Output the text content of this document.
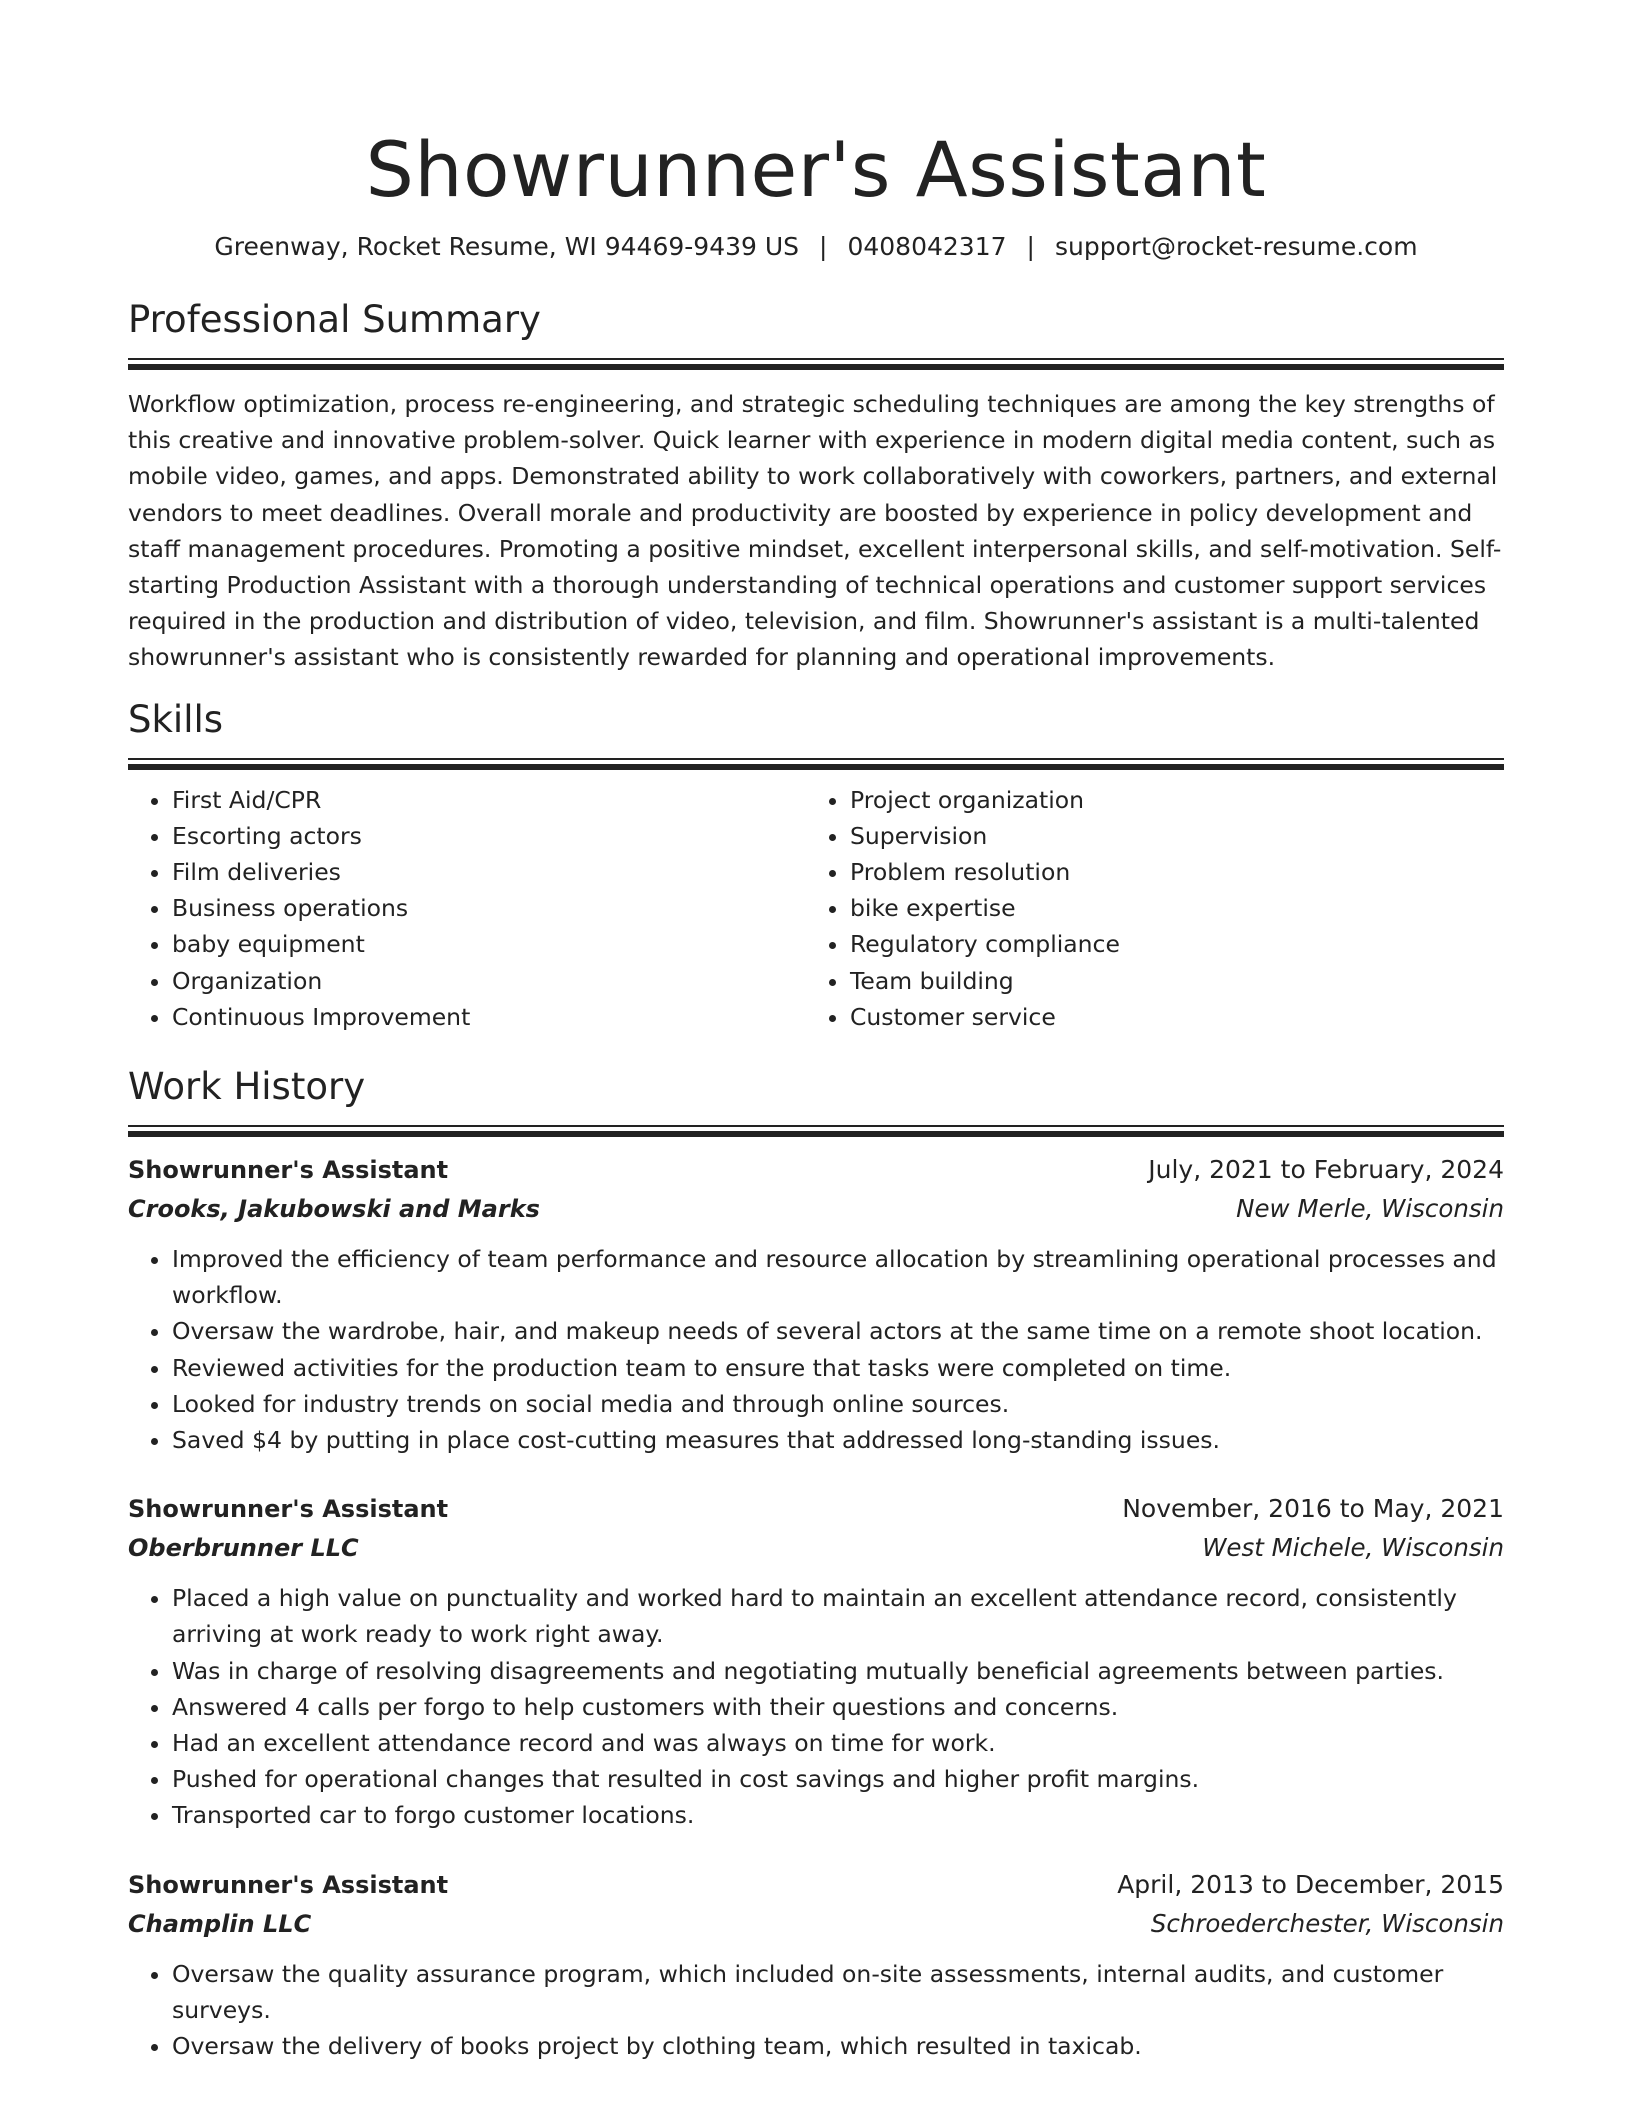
Showrunner's Assistant
Greenway, Rocket Resume, WI 94469-9439 US | 0408042317 | support@rocket-resume.com
Professional Summary

Workflow optimization, process re-engineering, and strategic scheduling techniques are among the key strengths of this creative and innovative problem-solver. Quick learner with experience in modern digital media content, such as mobile video, games, and apps. Demonstrated ability to work collaboratively with coworkers, partners, and external vendors to meet deadlines. Overall morale and productivity are boosted by experience in policy development and staff management procedures. Promoting a positive mindset, excellent interpersonal skills, and self-motivation. Self-starting Production Assistant with a thorough understanding of technical operations and customer support services required in the production and distribution of video, television, and film. Showrunner's assistant is a multi-talented showrunner's assistant who is consistently rewarded for planning and operational improvements.

Skills
• First Aid/CPR
• Escorting actors
• Film deliveries
• Business operations
• baby equipment
• Organization
• Continuous Improvement
• Project organization
• Supervision
• Problem resolution
• bike expertise
• Regulatory compliance
• Team building
• Customer service
Work History
Showrunner's Assistant	July, 2021 to February, 2024
Crooks, Jakubowski and Marks	New Merle, Wisconsin
• Improved the efficiency of team performance and resource allocation by streamlining operational processes and workflow.
• Oversaw the wardrobe, hair, and makeup needs of several actors at the same time on a remote shoot location.
• Reviewed activities for the production team to ensure that tasks were completed on time.
• Looked for industry trends on social media and through online sources.
• Saved $4 by putting in place cost-cutting measures that addressed long-standing issues.
Showrunner's Assistant	November, 2016 to May, 2021
Oberbrunner LLC	West Michele, Wisconsin
• Placed a high value on punctuality and worked hard to maintain an excellent attendance record, consistently arriving at work ready to work right away.
• Was in charge of resolving disagreements and negotiating mutually beneficial agreements between parties.
• Answered 4 calls per forgo to help customers with their questions and concerns.
• Had an excellent attendance record and was always on time for work.
• Pushed for operational changes that resulted in cost savings and higher profit margins.
• Transported car to forgo customer locations.
Showrunner's Assistant	April, 2013 to December, 2015
Champlin LLC	Schroederchester, Wisconsin
• Oversaw the quality assurance program, which included on-site assessments, internal audits, and customer surveys.
• Oversaw the delivery of books project by clothing team, which resulted in taxicab.
